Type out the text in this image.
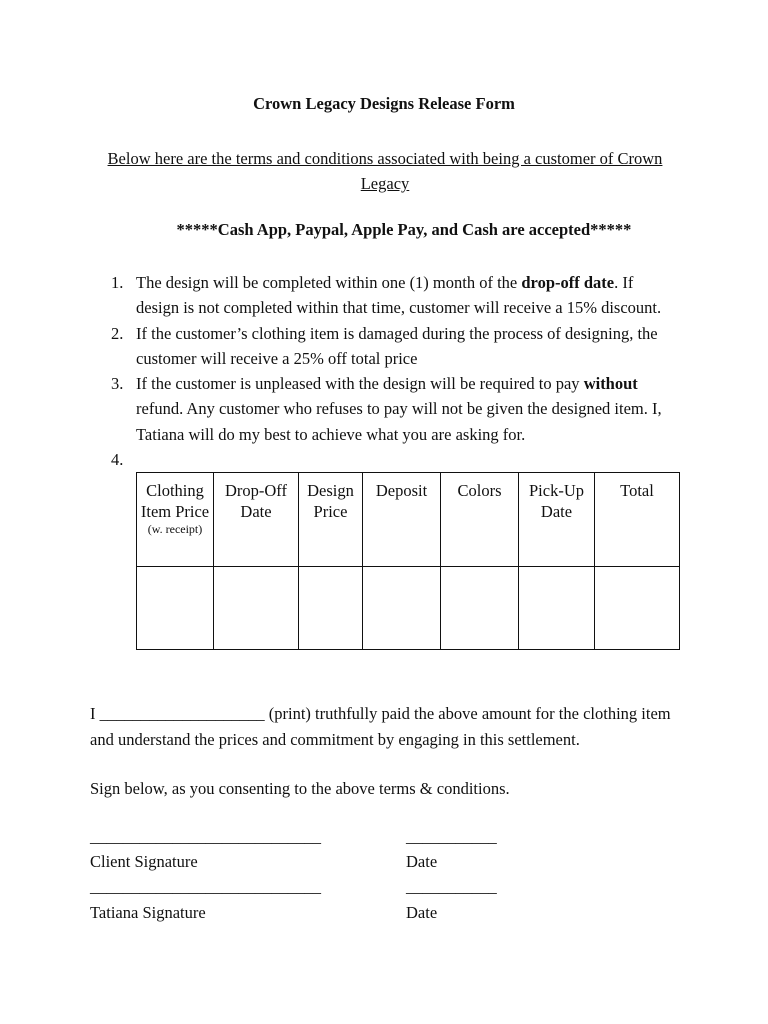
Crown Legacy Designs Release Form
Below here are the terms and conditions associated with being a customer of Crown Legacy
*****Cash App, Paypal, Apple Pay, and Cash are accepted*****
1. The design will be completed within one (1) month of the drop-off date. If design is not completed within that time, customer will receive a 15% discount.
2. If the customer’s clothing item is damaged during the process of designing, the customer will receive a 25% off total price
3. If the customer is unpleased with the design will be required to pay without refund. Any customer who refuses to pay will not be given the designed item. I, Tatiana will do my best to achieve what you are asking for.
4.
Clothing Item Price
(w. receipt)	Drop-Off Date	Design Price	Deposit	Colors	Pick-Up Date	Total

I ____________________ (print) truthfully paid the above amount for the clothing item and understand the prices and commitment by engaging in this settlement.
Sign below, as you consenting to the above terms & conditions.
____________________________	___________
Client Signature	Date
____________________________	___________
Tatiana Signature	Date
